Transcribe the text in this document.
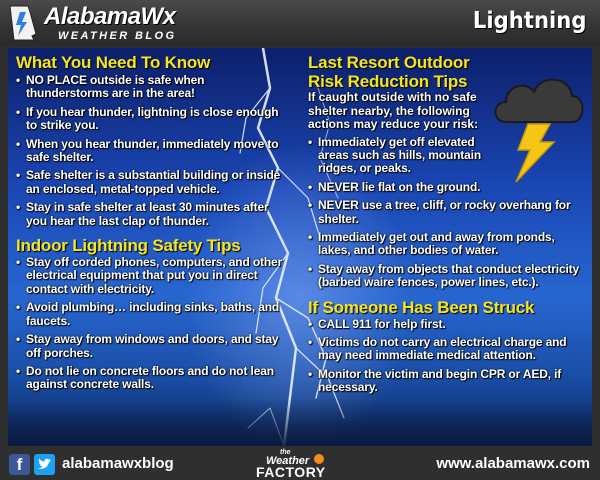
AlabamaWx
WEATHER BLOG
Lightning
What You Need To Know
• NO PLACE outside is safe when thunderstorms are in the area!
• If you hear thunder, lightning is close enough to strike you.
• When you hear thunder, immediately move to safe shelter.
• Safe shelter is a substantial building or inside an enclosed, metal-topped vehicle.
• Stay in safe shelter at least 30 minutes after you hear the last clap of thunder.
Indoor Lightning Safety Tips
• Stay off corded phones, computers, and other electrical equipment that put you in direct contact with electricity.
• Avoid plumbing… including sinks, baths, and faucets.
• Stay away from windows and doors, and stay off porches.
• Do not lie on concrete floors and do not lean against concrete walls.
Last Resort Outdoor
Risk Reduction Tips
If caught outside with no safe shelter nearby, the following actions may reduce your risk:
• Immediately get off elevated areas such as hills, mountain ridges, or peaks.
• NEVER lie flat on the ground.
• NEVER use a tree, cliff, or rocky overhang for shelter.
• Immediately get out and away from ponds, lakes, and other bodies of water.
• Stay away from objects that conduct electricity (barbed waire fences, power lines, etc.).
If Someone Has Been Struck
• CALL 911 for help first.
• Victims do not carry an electrical charge and may need immediate medical attention.
• Monitor the victim and begin CPR or AED, if necessary.
f	alabamawxblog
the
Weather
FACTORY	www.alabamawx.com
